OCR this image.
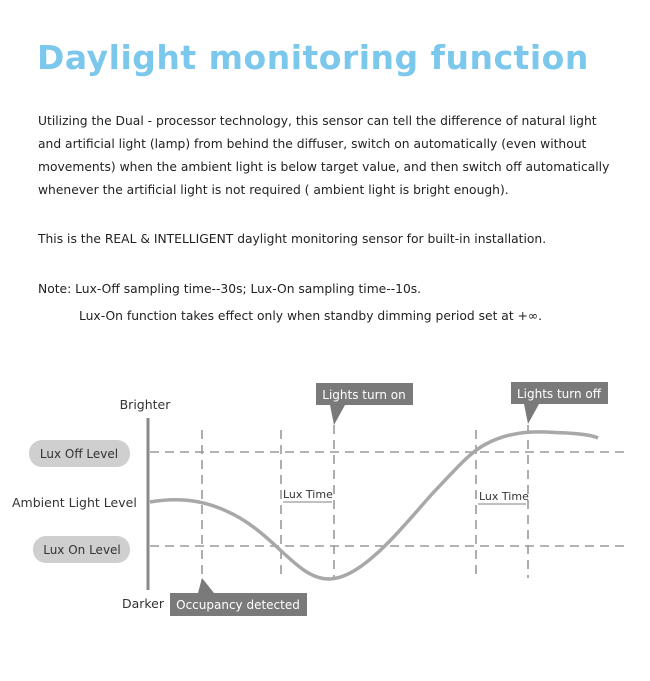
Daylight monitoring function

Utilizing the Dual - processor technology, this sensor can tell the difference of natural light and artificial light (lamp) from behind the diffuser, switch on automatically (even without movements) when the ambient light is below target value, and then switch off automatically whenever the artificial light is not required ( ambient light is bright enough).

This is the REAL & INTELLIGENT daylight monitoring sensor for built-in installation.

Note: Lux-Off sampling time--30s; Lux-On sampling time--10s.

Lux-On function takes effect only when standby dimming period set at +∞.

Lux Time	Lux Time
Brighter
Darker
Ambient Light Level
Lux Off Level
Lux On Level
Lights turn on	Lights turn off
Occupancy detected
